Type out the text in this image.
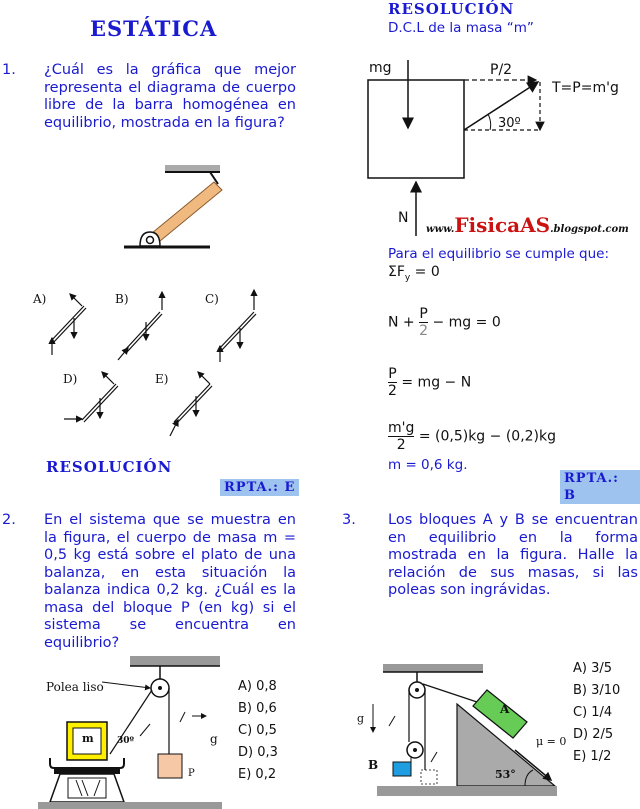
ESTÁTICA
1. ¿Cuál es la gráfica que mejor representa el diagrama de cuerpo libre de la barra homogénea en equilibrio, mostrada en la figura?
A)	B)	C)
D)	E)
RESOLUCIÓN
RPTA.: E
2. En el sistema que se muestra en la figura, el cuerpo de masa m = 0,5 kg está sobre el plato de una balanza, en esta situación la balanza indica 0,2 kg. ¿Cuál es la masa del bloque P (en kg) si el sistema se encuentra en equilibrio?
Polea liso
m	30º
P
g
A) 0,8
B) 0,6
C) 0,5
D) 0,3
E) 0,2
RESOLUCIÓN
D.C.L de la masa “m”
mg	P/2
T=P=m'g
30º
N
www.FisicaAS.blogspot.com
Para el equilibrio se cumple que:
$\Sigma F_y = 0$
$N + \frac{P}{2}$ − mg = 0
$\frac{P}{2}$ = mg − N
$\frac{m'g}{2} = (0,5)kg - (0,2)kg$
m = 0,6 kg.
RPTA.: B
3. Los bloques A y B se encuentran en equilibrio en la forma mostrada en la figura. Halle la relación de sus masas, si las poleas son ingrávidas.
A
B
g
μ = 0
53°
A) 3/5
B) 3/10
C) 1/4
D) 2/5
E) 1/2
